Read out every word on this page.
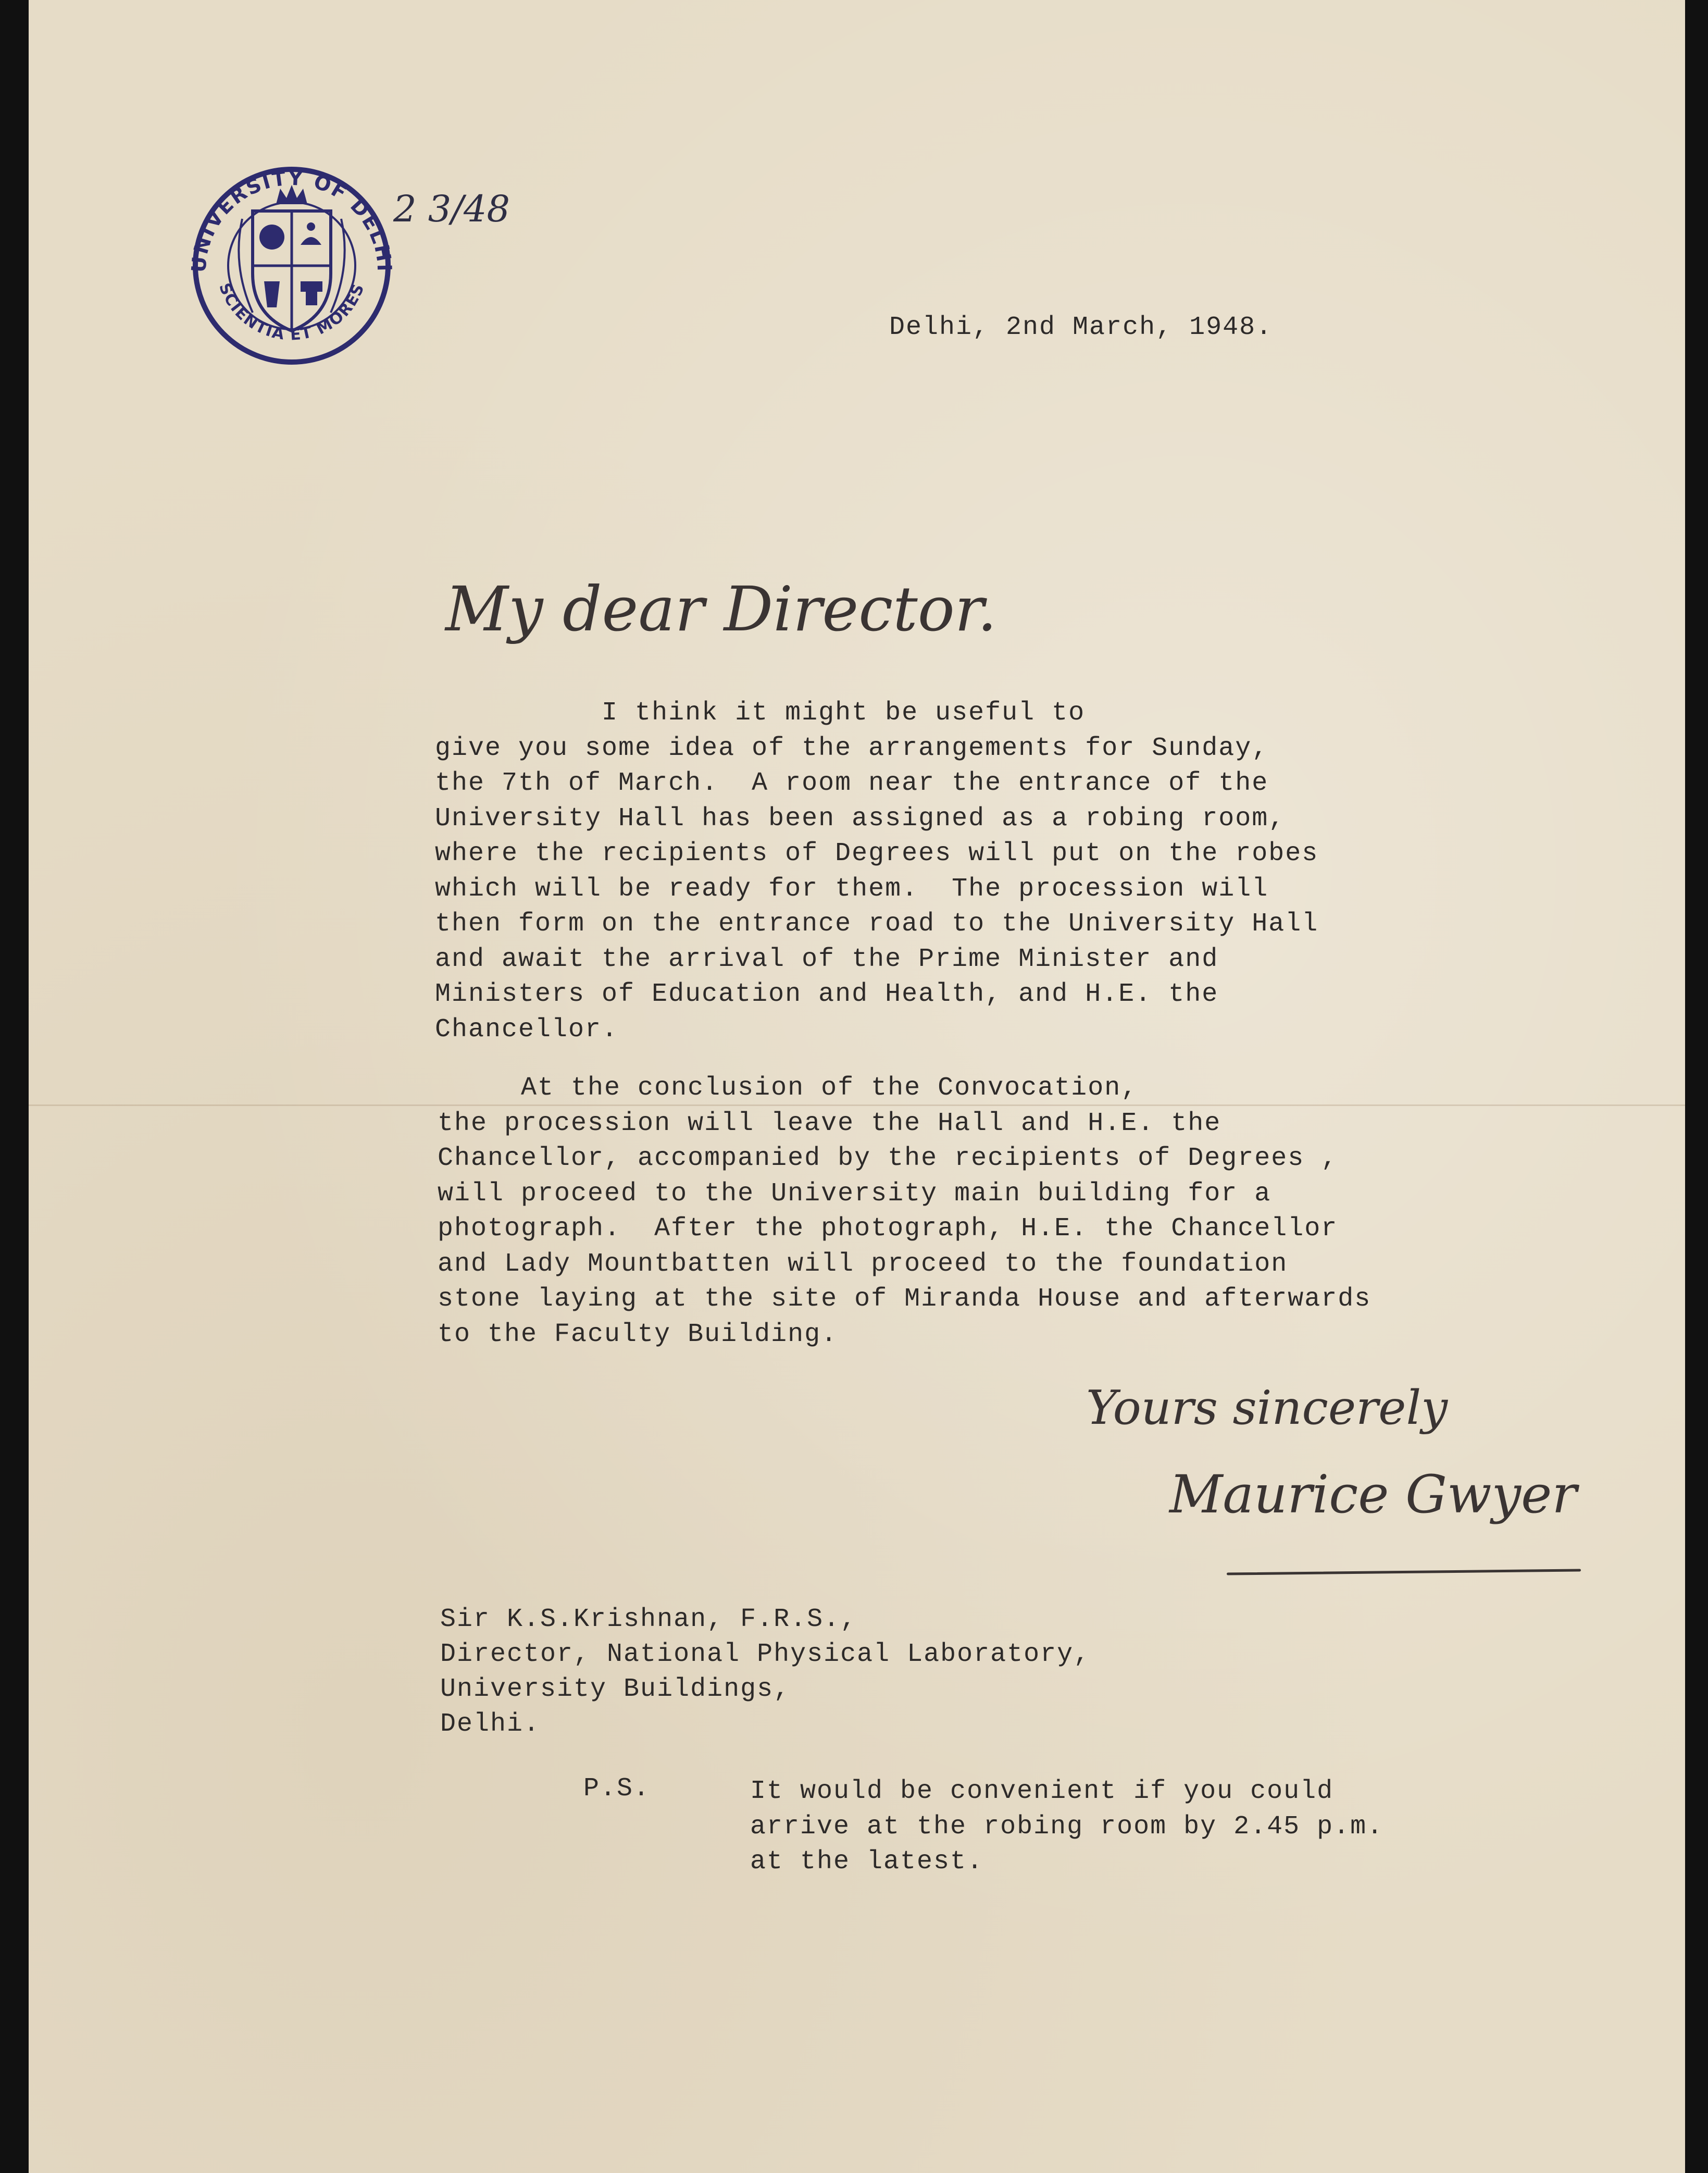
UNIVERSITY OF DELHI
SCIENTIA ET MORES
2 3/48
Delhi, 2nd March, 1948.
My dear Director.
I think it might be useful to
give you some idea of the arrangements for Sunday,
the 7th of March.  A room near the entrance of the
University Hall has been assigned as a robing room,
where the recipients of Degrees will put on the robes
which will be ready for them.  The procession will
then form on the entrance road to the University Hall
and await the arrival of the Prime Minister and
Ministers of Education and Health, and H.E. the
Chancellor.
At the conclusion of the Convocation,
the procession will leave the Hall and H.E. the
Chancellor, accompanied by the recipients of Degrees ,
will proceed to the University main building for a
photograph.  After the photograph, H.E. the Chancellor
and Lady Mountbatten will proceed to the foundation
stone laying at the site of Miranda House and afterwards
to the Faculty Building.
Yours sincerely
Maurice Gwyer
Sir K.S.Krishnan, F.R.S.,
Director, National Physical Laboratory,
University Buildings,
Delhi.
P.S.	It would be convenient if you could
arrive at the robing room by 2.45 p.m.
at the latest.
